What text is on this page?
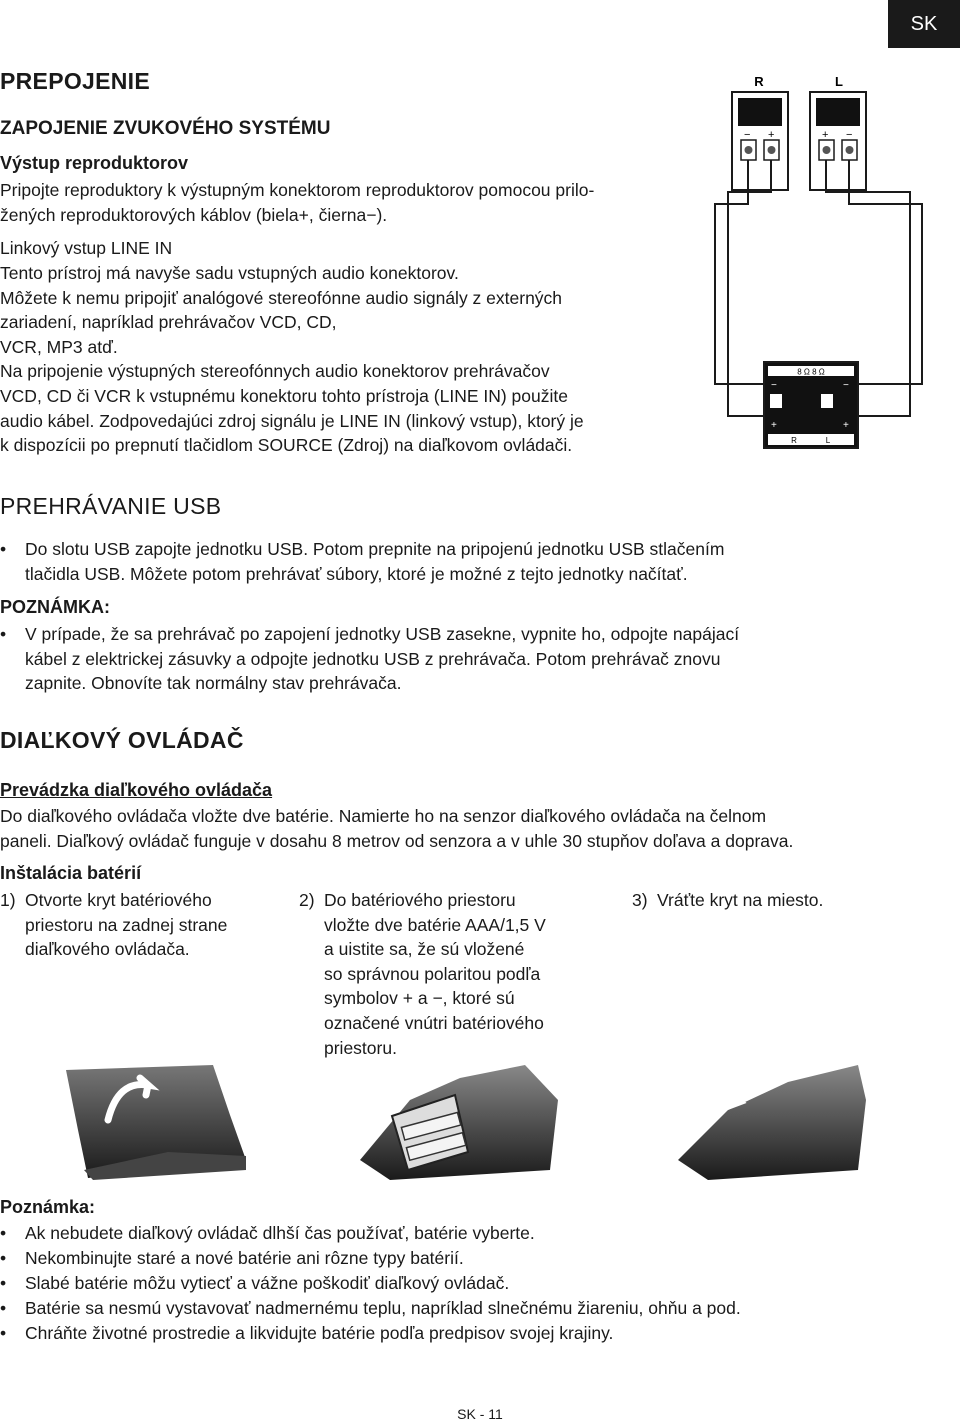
SK
PREPOJENIE
ZAPOJENIE ZVUKOVÉHO SYSTÉMU
Výstup reproduktorov
Pripojte reproduktory k výstupným konektorom reproduktorov pomocou prilo-
žených reproduktorových káblov (biela+, čierna−).
Linkový vstup LINE IN
Tento prístroj má navyše sadu vstupných audio konektorov.
Môžete k nemu pripojiť analógové stereofónne audio signály z externých
zariadení, napríklad prehrávačov VCD, CD,
VCR, MP3 atď.
Na pripojenie výstupných stereofónnych audio konektorov prehrávačov
VCD, CD či VCR k vstupnému konektoru tohto prístroja (LINE IN) použite
audio kábel. Zodpovedajúci zdroj signálu je LINE IN (linkový vstup), ktorý je
k dispozícii po prepnutí tlačidlom SOURCE (Zdroj) na diaľkovom ovládači.
R	L
− +	+ −
8 Ω 8 Ω
R	L
−	−
+	+
PREHRÁVANIE USB
• Do slotu USB zapojte jednotku USB. Potom prepnite na pripojenú jednotku USB stlačením
tlačidla USB. Môžete potom prehrávať súbory, ktoré je možné z tejto jednotky načítať.
POZNÁMKA:
• V prípade, že sa prehrávač po zapojení jednotky USB zasekne, vypnite ho, odpojte napájací
kábel z elektrickej zásuvky a odpojte jednotku USB z prehrávača. Potom prehrávač znovu
zapnite. Obnovíte tak normálny stav prehrávača.
DIAĽKOVÝ OVLÁDAČ
Prevádzka diaľkového ovládača
Do diaľkového ovládača vložte dve batérie. Namierte ho na senzor diaľkového ovládača na čelnom
paneli. Diaľkový ovládač funguje v dosahu 8 metrov od senzora a v uhle 30 stupňov doľava a doprava.
Inštalácia batérií
1) Otvorte kryt batériového
priestoru na zadnej strane
diaľkového ovládača.
2) Do batériového priestoru
vložte dve batérie AAA/1,5 V
a uistite sa, že sú vložené
so správnou polaritou podľa
symbolov + a −, ktoré sú
označené vnútri batériového
priestoru.
3) Vráťte kryt na miesto.
Poznámka:
• Ak nebudete diaľkový ovládač dlhší čas používať, batérie vyberte.
• Nekombinujte staré a nové batérie ani rôzne typy batérií.
• Slabé batérie môžu vytiecť a vážne poškodiť diaľkový ovládač.
• Batérie sa nesmú vystavovať nadmernému teplu, napríklad slnečnému žiareniu, ohňu a pod.
• Chráňte životné prostredie a likvidujte batérie podľa predpisov svojej krajiny.
SK - 11
